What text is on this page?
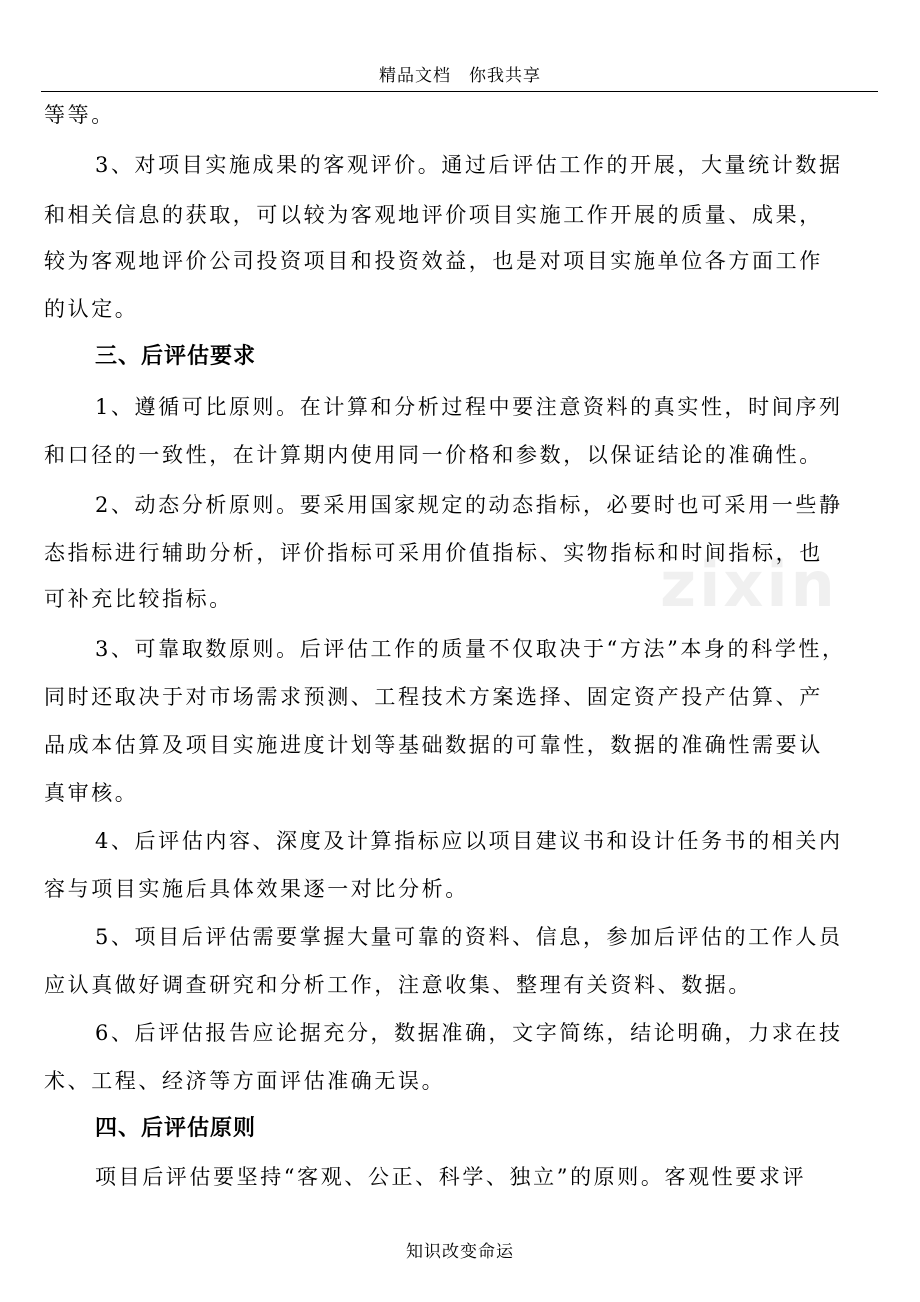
精品文档　你我共享
zixin
等等。
3、对项目实施成果的客观评价。通过后评估工作的开展，大量统计数据
和相关信息的获取，可以较为客观地评价项目实施工作开展的质量、成果，
较为客观地评价公司投资项目和投资效益，也是对项目实施单位各方面工作
的认定。
三、后评估要求
1、遵循可比原则。在计算和分析过程中要注意资料的真实性，时间序列
和口径的一致性，在计算期内使用同一价格和参数，以保证结论的准确性。
2、动态分析原则。要采用国家规定的动态指标，必要时也可采用一些静
态指标进行辅助分析，评价指标可采用价值指标、实物指标和时间指标，也
可补充比较指标。
3、可靠取数原则。后评估工作的质量不仅取决于“方法”本身的科学性，
同时还取决于对市场需求预测、工程技术方案选择、固定资产投产估算、产
品成本估算及项目实施进度计划等基础数据的可靠性，数据的准确性需要认
真审核。
4、后评估内容、深度及计算指标应以项目建议书和设计任务书的相关内
容与项目实施后具体效果逐一对比分析。
5、项目后评估需要掌握大量可靠的资料、信息，参加后评估的工作人员
应认真做好调查研究和分析工作，注意收集、整理有关资料、数据。
6、后评估报告应论据充分，数据准确，文字简练，结论明确，力求在技
术、工程、经济等方面评估准确无误。
四、后评估原则
项目后评估要坚持“客观、公正、科学、独立”的原则。客观性要求评
知识改变命运
